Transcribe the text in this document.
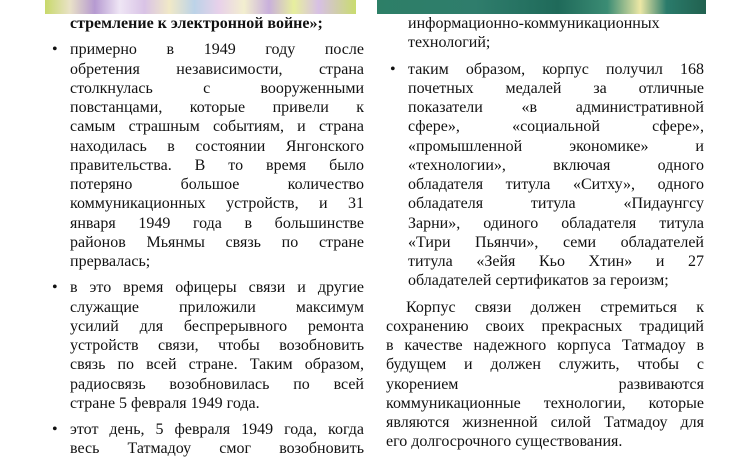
стремление к электронной войне»;

• примерно в 1949 году после

обретения независимости, страна

столкнулась с вооруженными

повстанцами, которые привели к

самым страшным событиям, и страна

находилась в состоянии Янгонского

правительства. В то время было

потеряно большое количество

коммуникационных устройств, и 31

января 1949 года в большинстве

районов Мьянмы связь по стране

прервалась;

• в это время офицеры связи и другие

служащие приложили максимум

усилий для беспрерывного ремонта

устройств связи, чтобы возобновить

связь по всей стране. Таким образом,

радиосвязь возобновилась по всей

стране 5 февраля 1949 года.

• этот день, 5 февраля 1949 года, когда

весь Татмадоу смог возобновить

информационно-коммуникационных

технологий;

• таким образом, корпус получил 168

почетных медалей за отличные

показатели «в административной

сфере», «социальной сфере»,

«промышленной экономике» и

«технологии», включая одного

обладателя титула «Ситху», одного

обладателя титула «Пидаунгсу

Зарни», одиного обладателя титула

«Тири Пьянчи», семи обладателей

титула «Зейя Кьо Хтин» и 27

обладателей сертификатов за героизм;

Корпус связи должен стремиться к

сохранению своих прекрасных традиций

в качестве надежного корпуса Татмадоу в

будущем и должен служить, чтобы с

укорением развиваются

коммуникационные технологии, которые

являются жизненной силой Татмадоу для

его долгосрочного существования.
